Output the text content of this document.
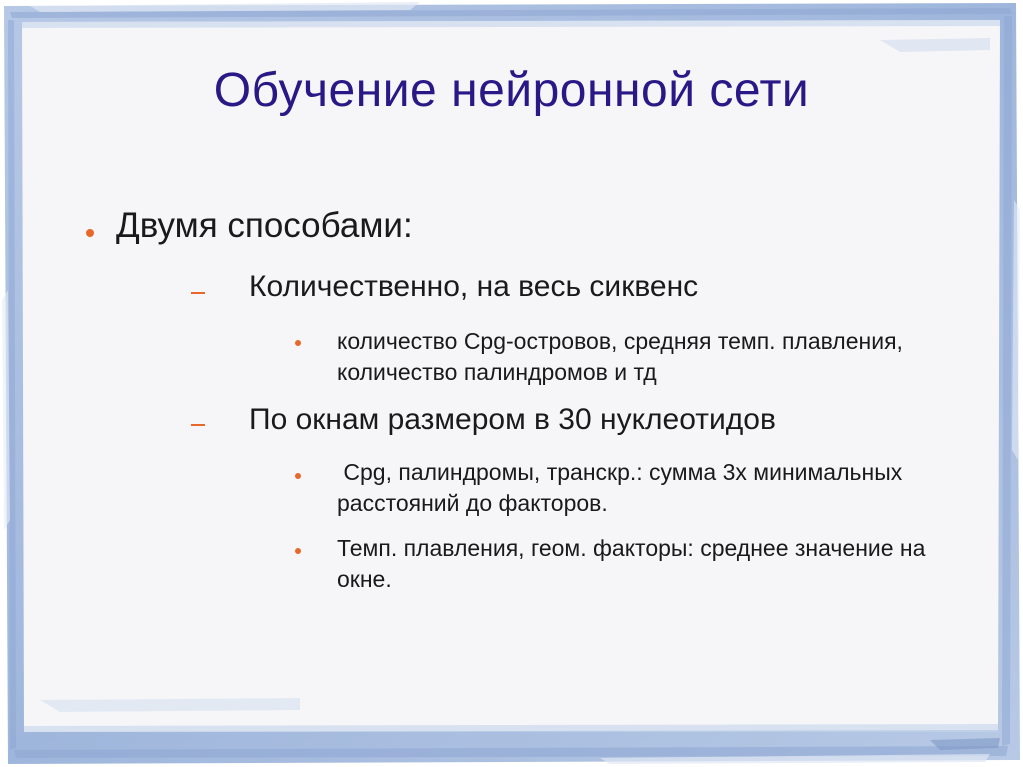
Обучение нейронной сети
Двумя способами:
Количественно, на весь сиквенс
количество Cpg-островов, средняя темп. плавления, количество палиндромов и тд
По окнам размером в 30 нуклеотидов
Cpg, палиндромы, транскр.: сумма 3х минимальных расстояний до факторов.
Темп. плавления, геом. факторы: среднее значение на окне.
